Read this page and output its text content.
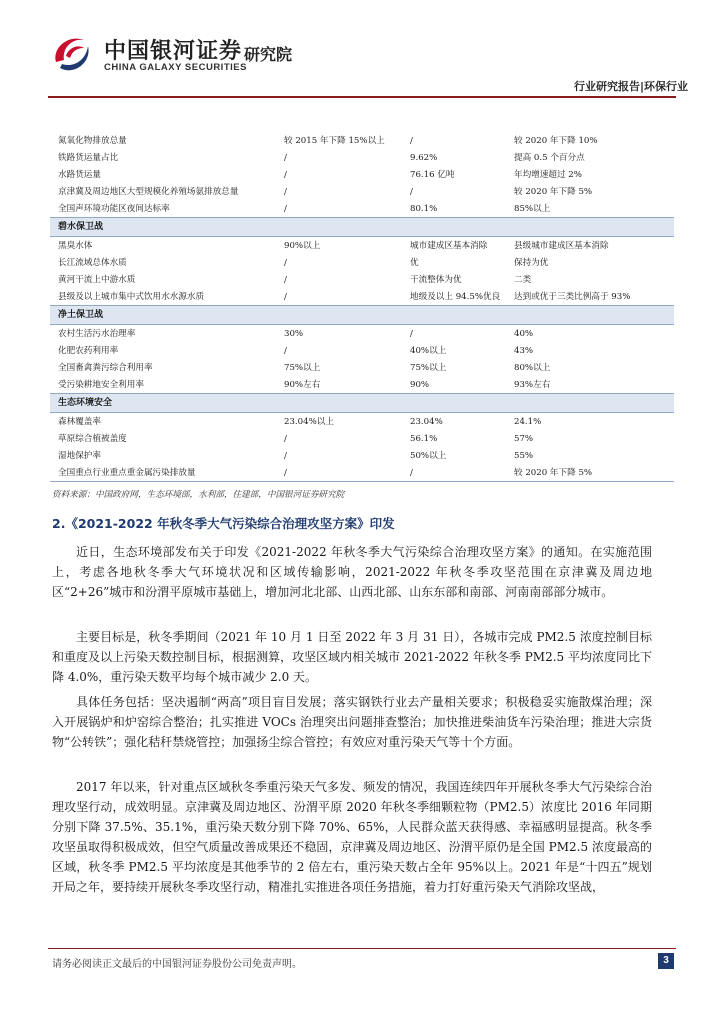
中国银河证券
CHINA GALAXY SECURITIES
研究院
行业研究报告|环保行业
氮氧化物排放总量	较 2015 年下降 15%以上	/	较 2020 年下降 10%
铁路货运量占比	/	9.62%	提高 0.5 个百分点
水路货运量	/	76.16 亿吨	年均增速超过 2%
京津冀及周边地区大型规模化养殖场氨排放总量	/	/	较 2020 年下降 5%
全国声环境功能区夜间达标率	/	80.1%	85%以上
碧水保卫战			
黑臭水体	90%以上	城市建成区基本消除	县级城市建成区基本消除
长江流域总体水质	/	优	保持为优
黄河干流上中游水质	/	干流整体为优	二类
县级及以上城市集中式饮用水水源水质	/	地级及以上 94.5%优良	达到或优于三类比例高于 93%
净土保卫战			
农村生活污水治理率	30%	/	40%
化肥农药利用率	/	40%以上	43%
全国畜禽粪污综合利用率	75%以上	75%以上	80%以上
受污染耕地安全利用率	90%左右	90%	93%左右
生态环境安全			
森林覆盖率	23.04%以上	23.04%	24.1%
草原综合植被盖度	/	56.1%	57%
湿地保护率	/	50%以上	55%
全国重点行业重点重金属污染排放量	/	/	较 2020 年下降 5%
资料来源：中国政府网，生态环境部，水利部，住建部，中国银河证券研究院
2.《2021-2022 年秋冬季大气污染综合治理攻坚方案》印发

近日，生态环境部发布关于印发《2021-2022 年秋冬季大气污染综合治理攻坚方案》的通知。在实施范围上，考虑各地秋冬季大气环境状况和区域传输影响，2021-2022 年秋冬季攻坚范围在京津冀及周边地区“2+26”城市和汾渭平原城市基础上，增加河北北部、山西北部、山东东部和南部、河南南部部分城市。

主要目标是，秋冬季期间（2021 年 10 月 1 日至 2022 年 3 月 31 日），各城市完成 PM2.5 浓度控制目标和重度及以上污染天数控制目标，根据测算，攻坚区域内相关城市 2021-2022 年秋冬季 PM2.5 平均浓度同比下降 4.0%，重污染天数平均每个城市减少 2.0 天。

具体任务包括：坚决遏制“两高”项目盲目发展；落实钢铁行业去产量相关要求；积极稳妥实施散煤治理；深入开展锅炉和炉窑综合整治；扎实推进 VOCs 治理突出问题排查整治；加快推进柴油货车污染治理；推进大宗货物“公转铁”；强化秸秆禁烧管控；加强扬尘综合管控；有效应对重污染天气等十个方面。

2017 年以来，针对重点区域秋冬季重污染天气多发、频发的情况，我国连续四年开展秋冬季大气污染综合治理攻坚行动，成效明显。京津冀及周边地区、汾渭平原 2020 年秋冬季细颗粒物（PM2.5）浓度比 2016 年同期分别下降 37.5%、35.1%，重污染天数分别下降 70%、65%，人民群众蓝天获得感、幸福感明显提高。秋冬季攻坚虽取得积极成效，但空气质量改善成果还不稳固，京津冀及周边地区、汾渭平原仍是全国 PM2.5 浓度最高的区域，秋冬季 PM2.5 平均浓度是其他季节的 2 倍左右，重污染天数占全年 95%以上。2021 年是“十四五”规划开局之年，要持续开展秋冬季攻坚行动，精准扎实推进各项任务措施，着力打好重污染天气消除攻坚战，

请务必阅读正文最后的中国银河证券股份公司免责声明。	3
